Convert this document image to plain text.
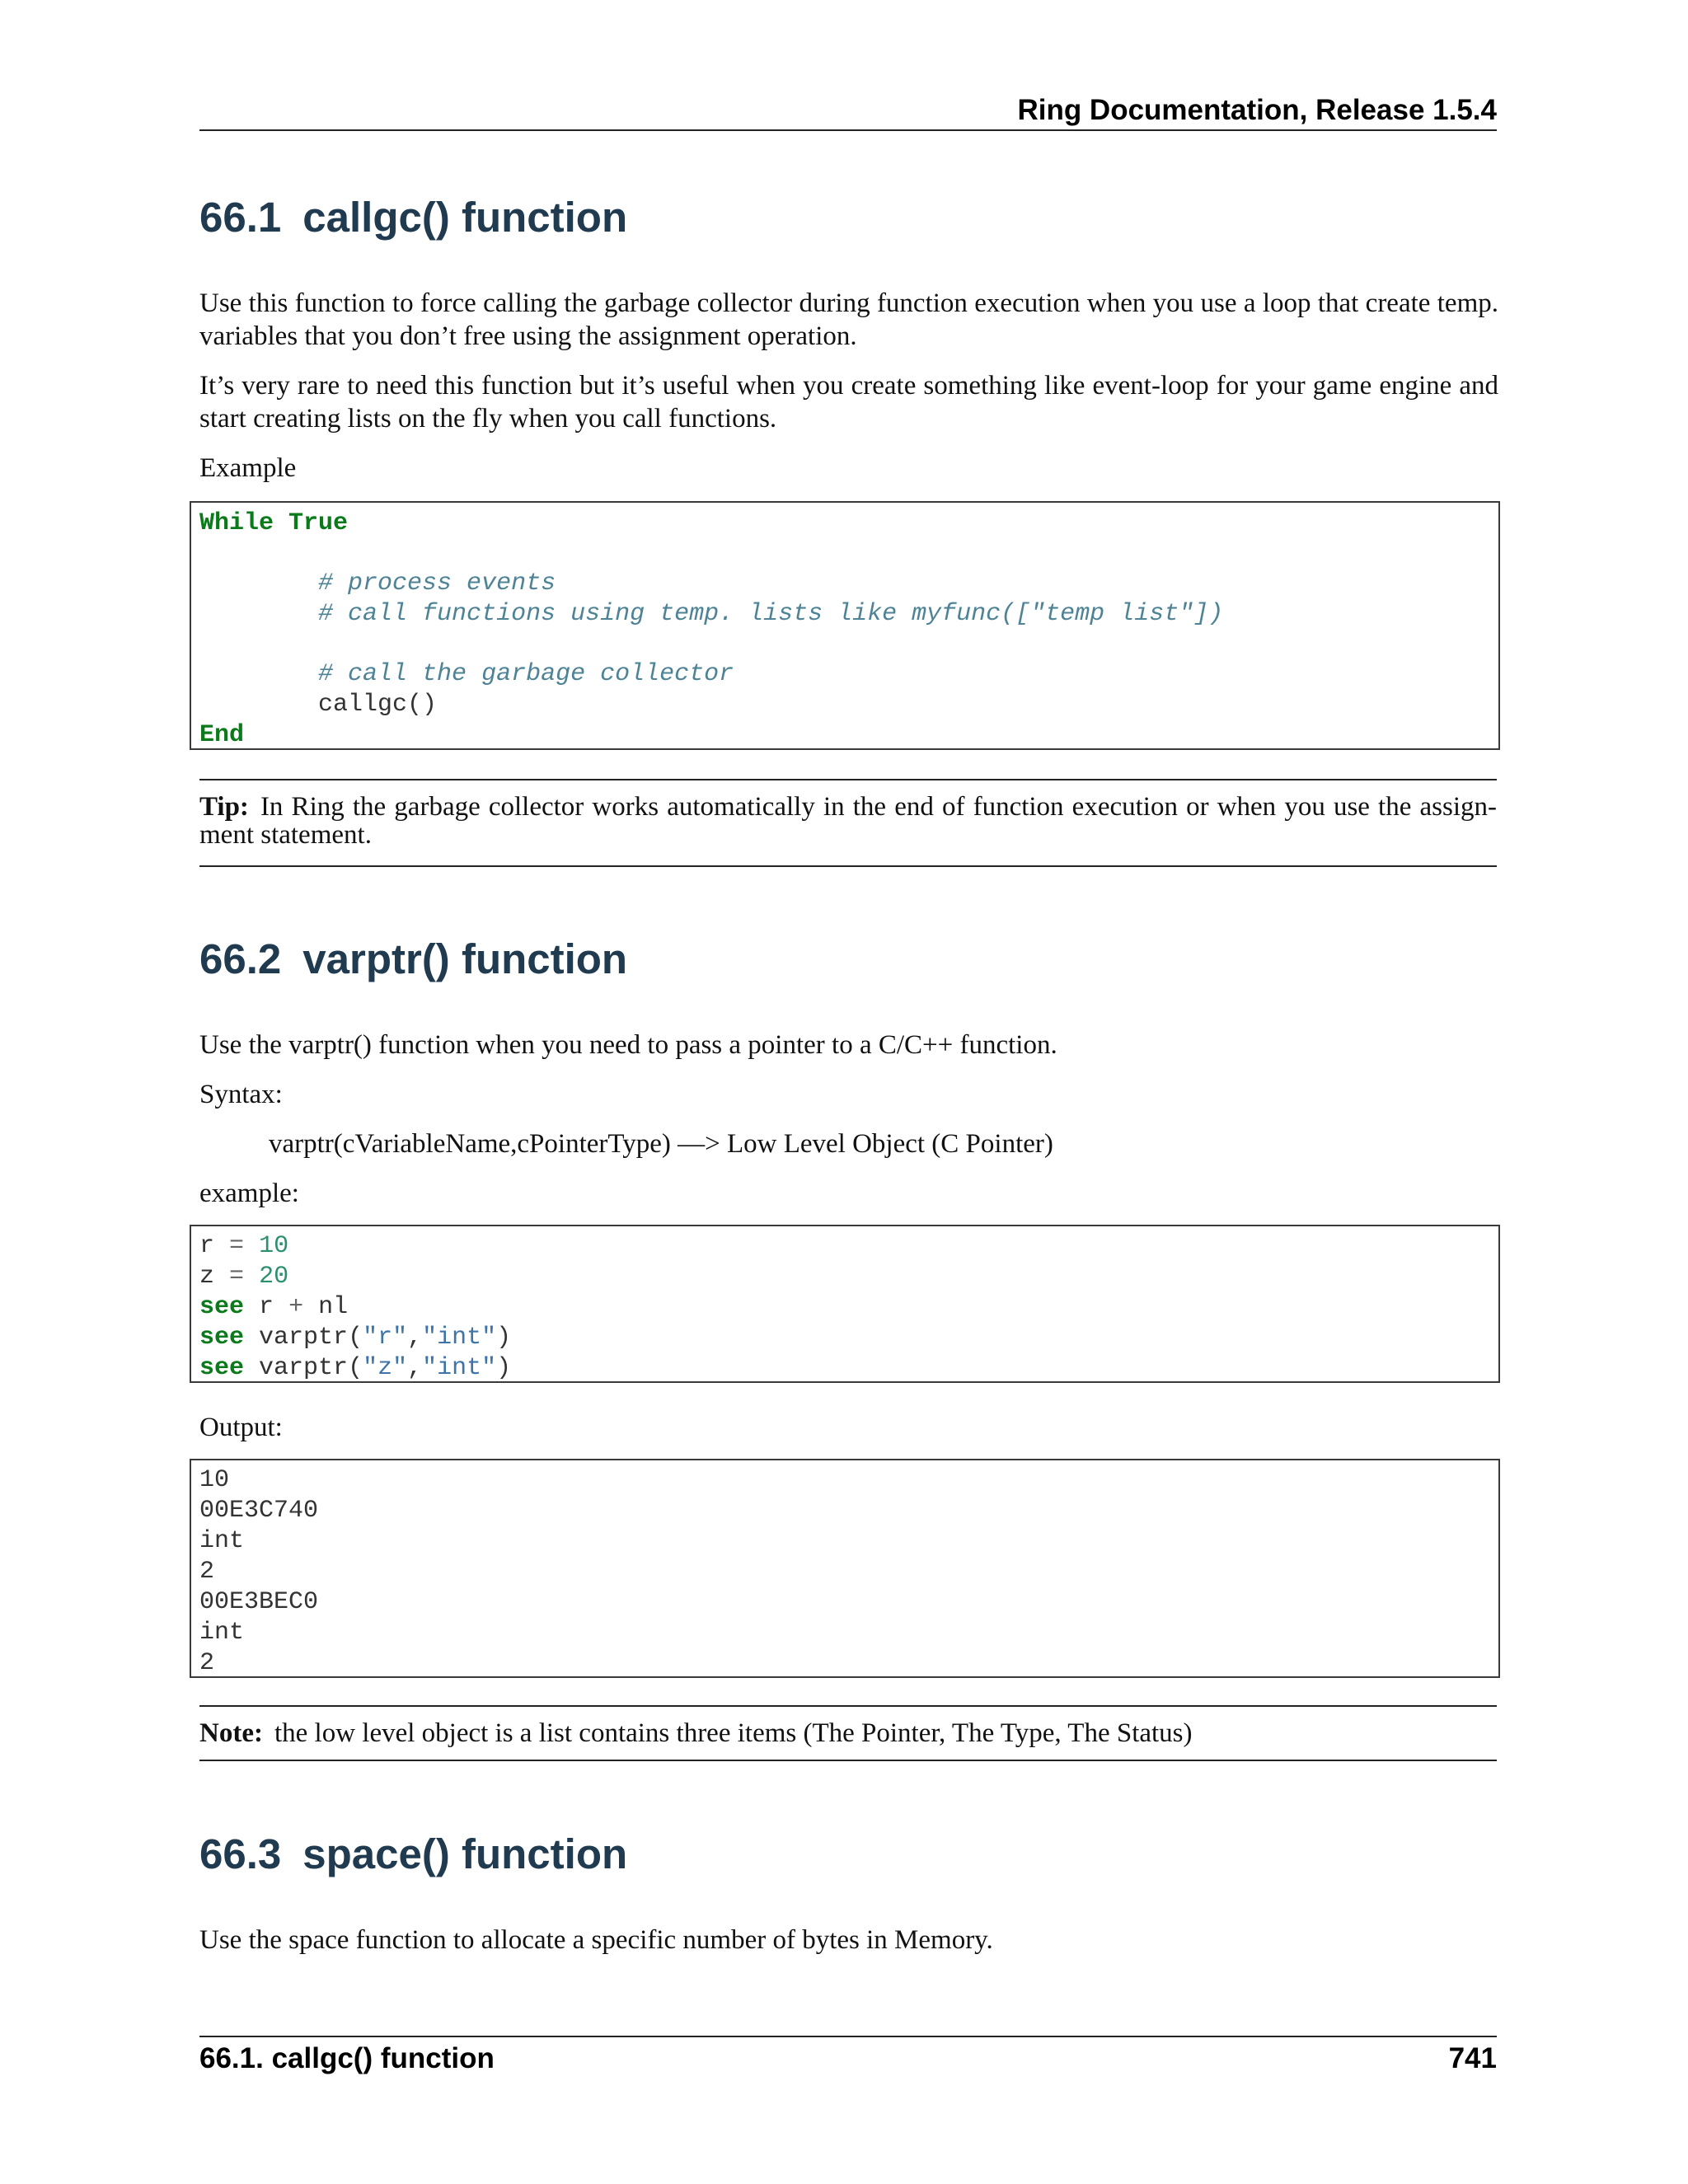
Ring Documentation, Release 1.5.4
66.1 callgc() function
Use this function to force calling the garbage collector during function execution when you use a loop that create temp. variables that you don’t free using the assignment operation.
It’s very rare to need this function but it’s useful when you create something like event-loop for your game engine and start creating lists on the fly when you call functions.
Example
While True
# process events
# call functions using temp. lists like myfunc(["temp list"])
# call the garbage collector
callgc()
End
Tip: In Ring the garbage collector works automatically in the end of function execution or when you use the assign-
ment statement.
66.2 varptr() function
Use the varptr() function when you need to pass a pointer to a C/C++ function.
Syntax:
varptr(cVariableName,cPointerType) —> Low Level Object (C Pointer)
example:
r = 10
z = 20
see r + nl
see varptr("r","int")
see varptr("z","int")
Output:
10
00E3C740
int
2
00E3BEC0
int
2
Note: the low level object is a list contains three items (The Pointer, The Type, The Status)
66.3 space() function
Use the space function to allocate a specific number of bytes in Memory.
66.1. callgc() function	741
